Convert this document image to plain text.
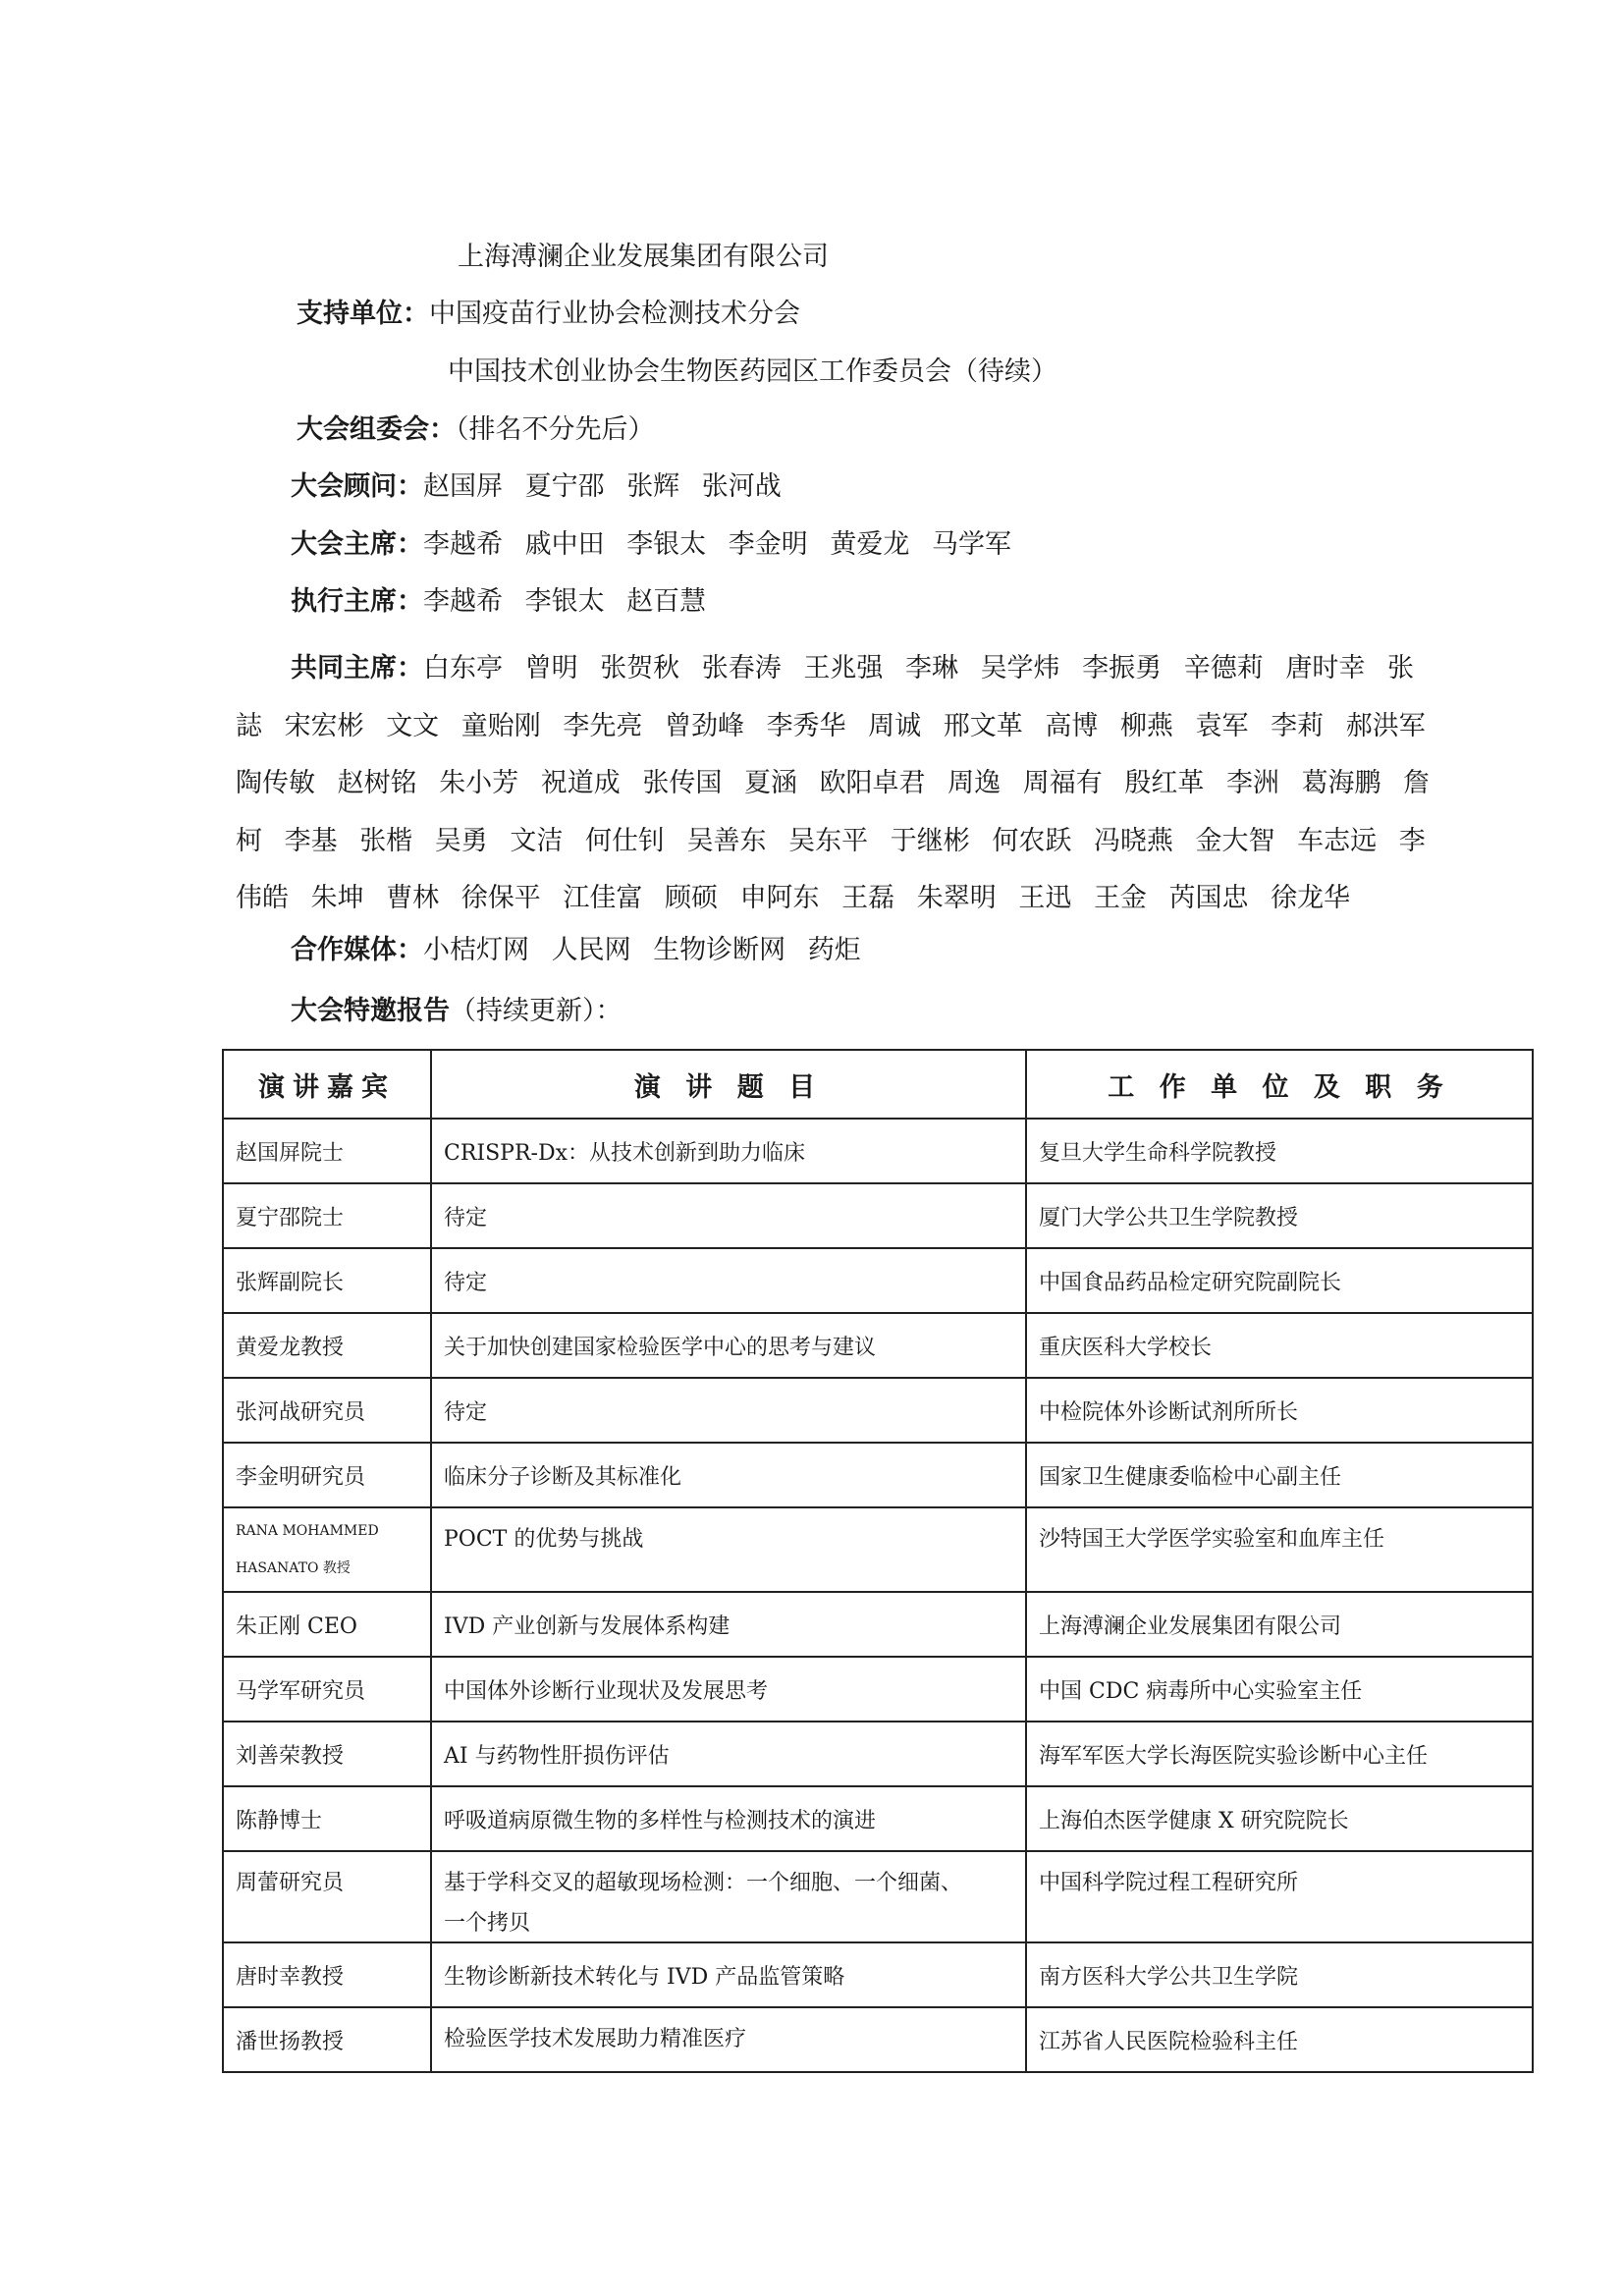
上海溥澜企业发展集团有限公司
支持单位：中国疫苗行业协会检测技术分会
中国技术创业协会生物医药园区工作委员会（待续）
大会组委会：（排名不分先后）
大会顾问：赵国屏 夏宁邵 张辉 张河战
大会主席：李越希 戚中田 李银太 李金明 黄爱龙 马学军
执行主席：李越希 李银太 赵百慧
共同主席：白东亭 曾明 张贺秋 张春涛 王兆强 李琳 吴学炜 李振勇 辛德莉 唐时幸 张誌 宋宏彬 文文 童贻刚 李先亮 曾劲峰 李秀华 周诚 邢文革 高博 柳燕 袁军 李莉 郝洪军 陶传敏 赵树铭 朱小芳 祝道成 张传国 夏涵 欧阳卓君 周逸 周福有 殷红革 李洲 葛海鹏 詹柯 李基 张楷 吴勇 文洁 何仕钊 吴善东 吴东平 于继彬 何农跃 冯晓燕 金大智 车志远 李伟皓 朱坤 曹林 徐保平 江佳富 顾硕 申阿东 王磊 朱翠明 王迅 王金 芮国忠 徐龙华
合作媒体：小桔灯网 人民网 生物诊断网 药炬
大会特邀报告（持续更新）：
演讲嘉宾	演 讲 题 目	工 作 单 位 及 职 务
赵国屏院士	CRISPR-Dx：从技术创新到助力临床	复旦大学生命科学院教授
夏宁邵院士	待定	厦门大学公共卫生学院教授
张辉副院长	待定	中国食品药品检定研究院副院长
黄爱龙教授	关于加快创建国家检验医学中心的思考与建议	重庆医科大学校长
张河战研究员	待定	中检院体外诊断试剂所所长
李金明研究员	临床分子诊断及其标准化	国家卫生健康委临检中心副主任

RANA MOHAMMED
HASANATO 教授	POCT 的优势与挑战	沙特国王大学医学实验室和血库主任
朱正刚 CEO	IVD 产业创新与发展体系构建	上海溥澜企业发展集团有限公司
马学军研究员	中国体外诊断行业现状及发展思考	中国 CDC 病毒所中心实验室主任
刘善荣教授	AI 与药物性肝损伤评估	海军军医大学长海医院实验诊断中心主任
陈静博士	呼吸道病原微生物的多样性与检测技术的演进	上海伯杰医学健康 X 研究院院长
周蕾研究员	基于学科交叉的超敏现场检测：一个细胞、一个细菌、
一个拷贝	中国科学院过程工程研究所
唐时幸教授	生物诊断新技术转化与 IVD 产品监管策略	南方医科大学公共卫生学院
潘世扬教授	检验医学技术发展助力精准医疗	江苏省人民医院检验科主任
